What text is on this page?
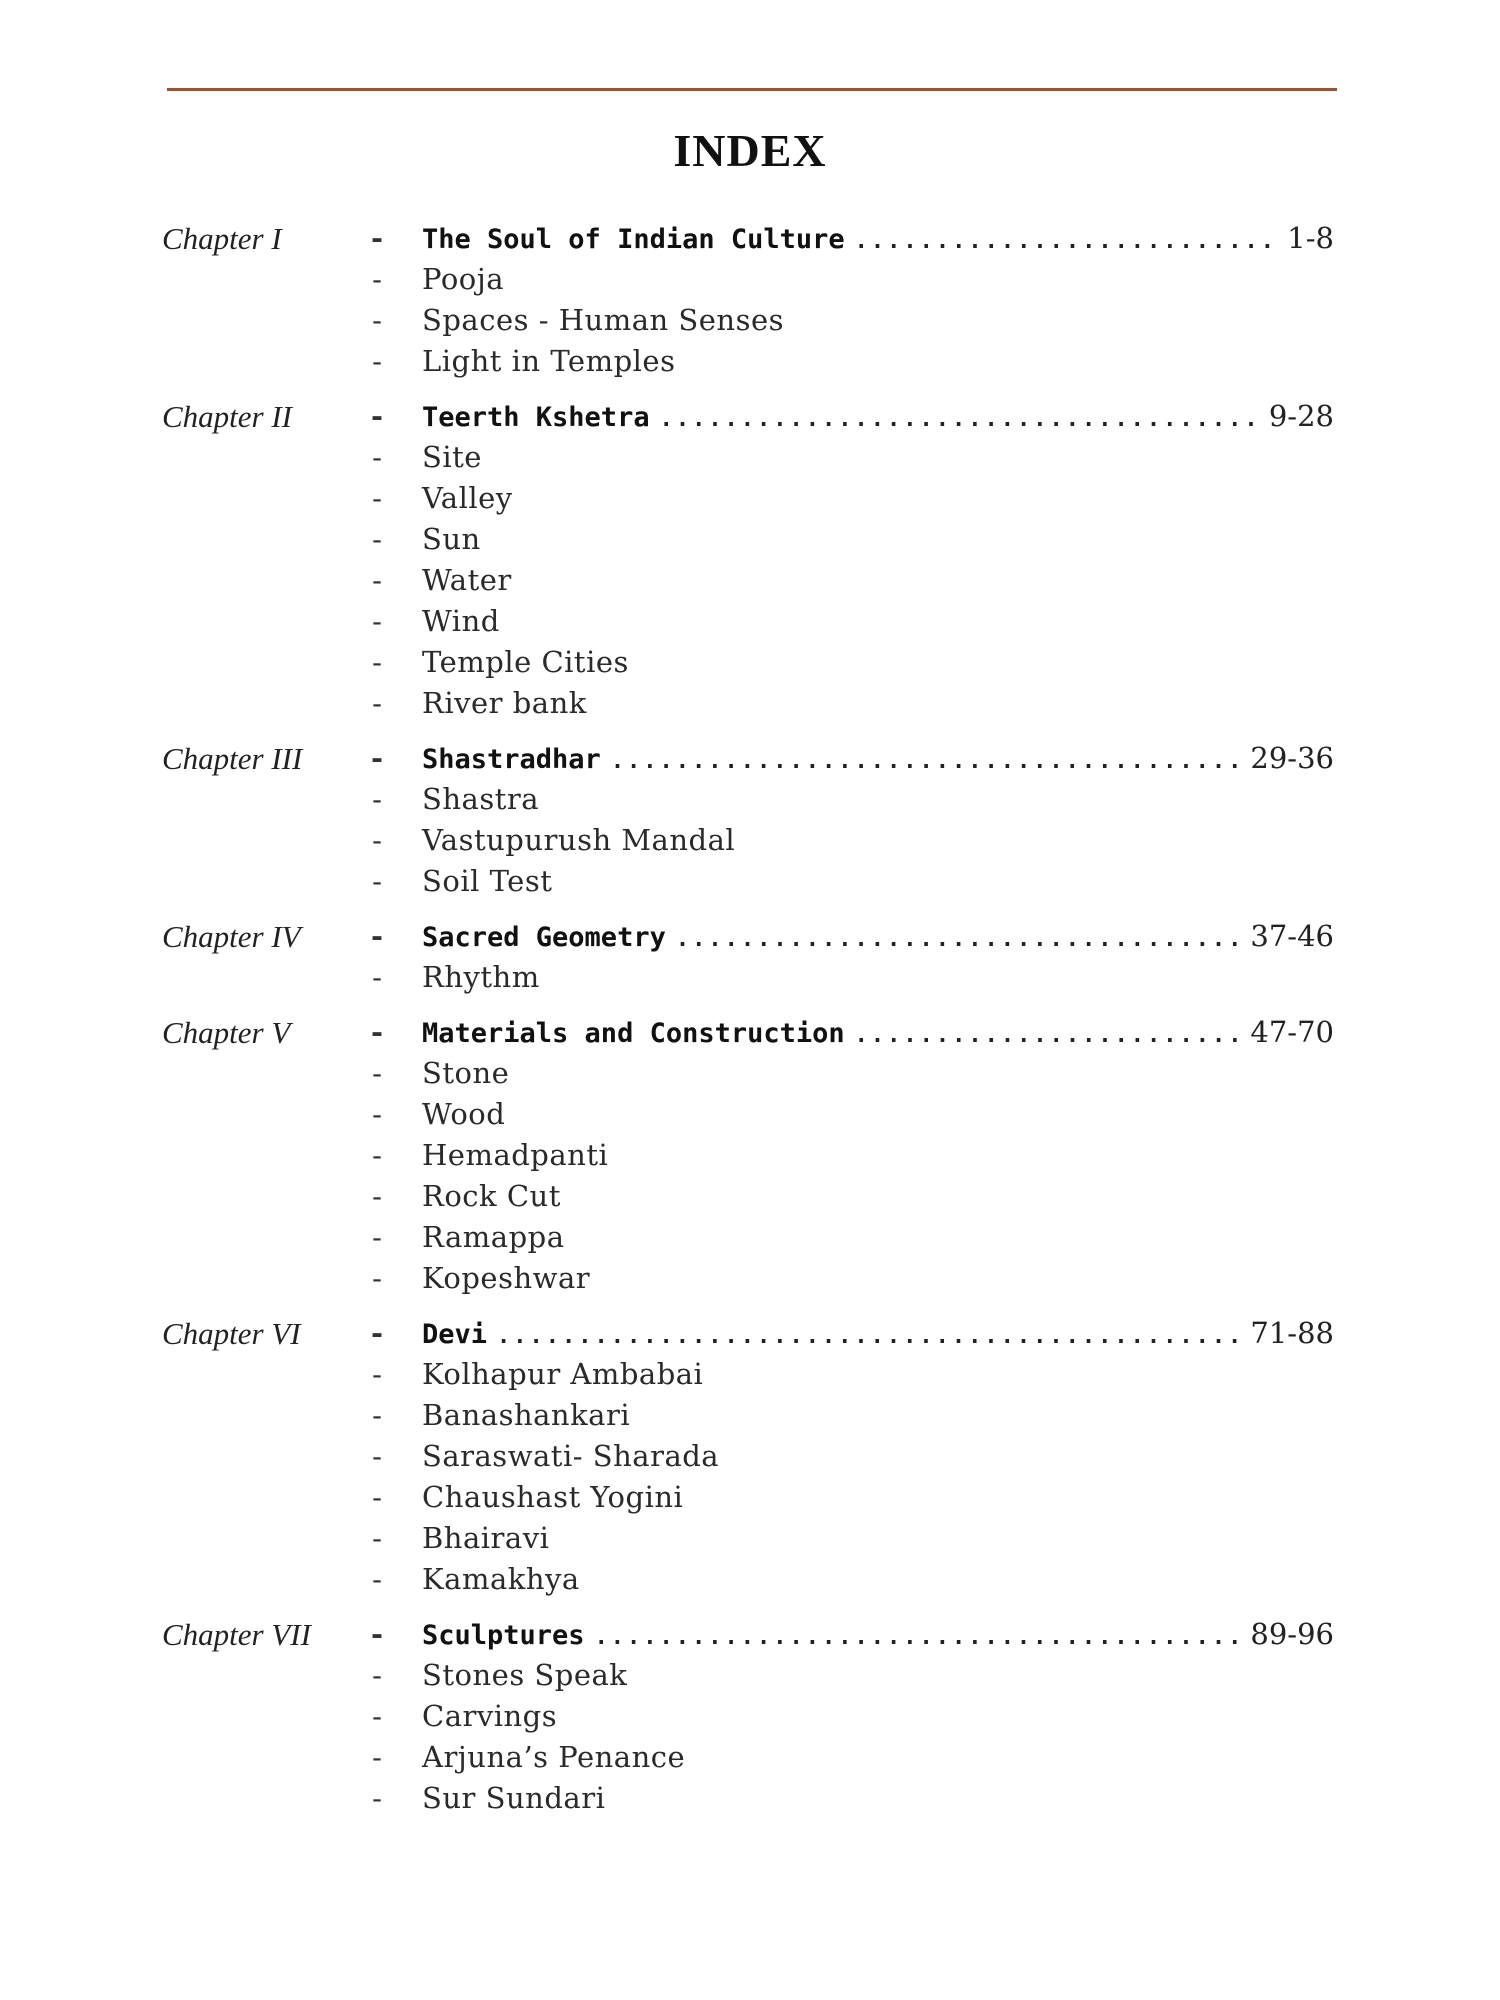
INDEX
Chapter I	- The Soul of Indian Culture .....	1-8
- Pooja
- Spaces - Human Senses
- Light in Temples
Chapter II	- Teerth Kshetra .....	9-28
- Site
- Valley
- Sun
- Water
- Wind
- Temple Cities
- River bank
Chapter III - Shastradhar .....	29-36
- Shastra
- Vastupurush Mandal
- Soil Test
Chapter IV - Sacred Geometry .....	37-46
- Rhythm
Chapter V	- Materials and Construction .....	47-70
- Stone
- Wood
- Hemadpanti
- Rock Cut
- Ramappa
- Kopeshwar
Chapter VI - Devi .....	71-88
- Kolhapur Ambabai
- Banashankari
- Saraswati- Sharada
- Chaushast Yogini
- Bhairavi
- Kamakhya
Chapter VII - Sculptures .....	89-96
- Stones Speak
- Carvings
- Arjuna’s Penance
- Sur Sundari
